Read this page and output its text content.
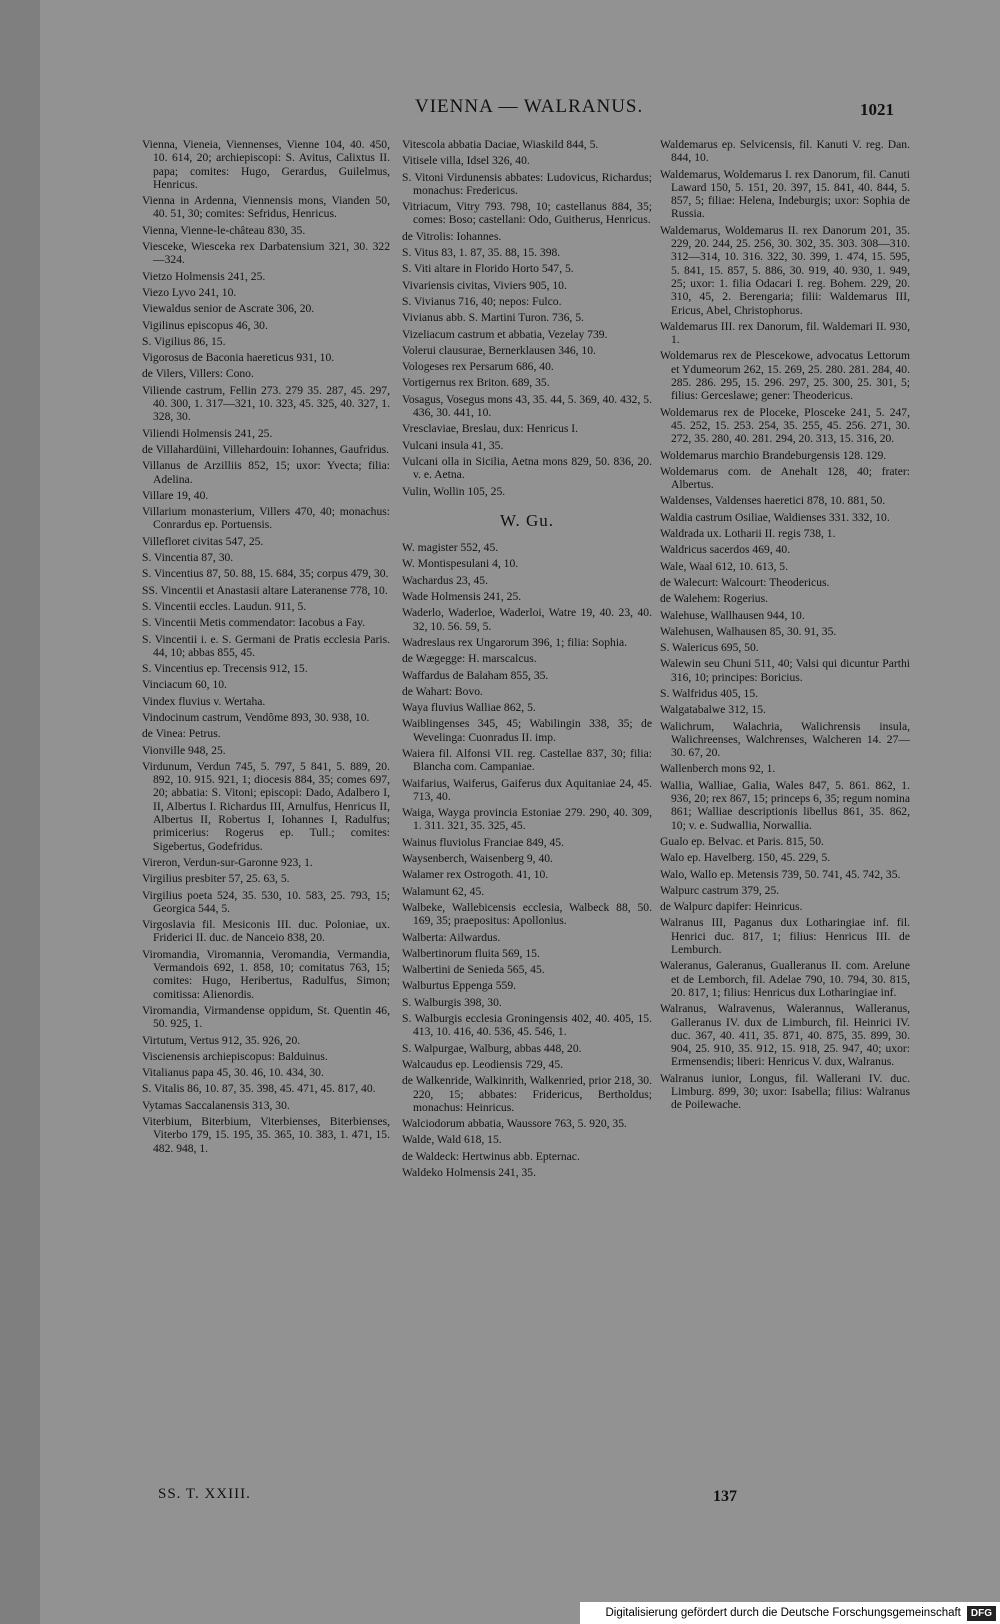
VIENNA — WALRANUS.	1021
Vienna, Vieneia, Viennenses, Vienne 104, 40. 450, 10. 614, 20; archiepiscopi: S. Avitus, Calixtus II. papa; comites: Hugo, Gerardus, Guilelmus, Henricus.
Vienna in Ardenna, Viennensis mons, Vianden 50, 40. 51, 30; comites: Sefridus, Henricus.
Vienna, Vienne-le-château 830, 35.
Viesceke, Wiesceka rex Darbatensium 321, 30. 322—324.
Vietzo Holmensis 241, 25.
Viezo Lyvo 241, 10.
Viewaldus senior de Ascrate 306, 20.
Vigilinus episcopus 46, 30.
S. Vigilius 86, 15.
Vigorosus de Baconia haereticus 931, 10.
de Vilers, Villers: Cono.
Viliende castrum, Fellin 273. 279 35. 287, 45. 297, 40. 300, 1. 317—321, 10. 323, 45. 325, 40. 327, 1. 328, 30.
Viliendi Holmensis 241, 25.
de Villahardüini, Villehardouin: Iohannes, Gaufridus.
Villanus de Arzilliis 852, 15; uxor: Yvecta; filia: Adelina.
Villare 19, 40.
Villarium monasterium, Villers 470, 40; monachus: Conrardus ep. Portuensis.
Villefloret civitas 547, 25.
S. Vincentia 87, 30.
S. Vincentius 87, 50. 88, 15. 684, 35; corpus 479, 30.
SS. Vincentii et Anastasii altare Lateranense 778, 10.
S. Vincentii eccles. Laudun. 911, 5.
S. Vincentii Metis commendator: Iacobus a Fay.
S. Vincentii i. e. S. Germani de Pratis ecclesia Paris. 44, 10; abbas 855, 45.
S. Vincentius ep. Trecensis 912, 15.
Vinciacum 60, 10.
Vindex fluvius v. Wertaha.
Vindocinum castrum, Vendôme 893, 30. 938, 10.
de Vinea: Petrus.
Vionville 948, 25.
Virdunum, Verdun 745, 5. 797, 5 841, 5. 889, 20. 892, 10. 915. 921, 1; diocesis 884, 35; comes 697, 20; abbatia: S. Vitoni; episcopi: Dado, Adalbero I, II, Albertus I. Richardus III, Arnulfus, Henricus II, Albertus II, Robertus I, Iohannes I, Radulfus; primicerius: Rogerus ep. Tull.; comites: Sigebertus, Godefridus.
Vireron, Verdun-sur-Garonne 923, 1.
Virgilius presbiter 57, 25. 63, 5.
Virgilius poeta 524, 35. 530, 10. 583, 25. 793, 15; Georgica 544, 5.
Virgoslavia fil. Mesiconis III. duc. Poloniae, ux. Friderici II. duc. de Nanceio 838, 20.
Viromandia, Viromannia, Veromandia, Vermandia, Vermandois 692, 1. 858, 10; comitatus 763, 15; comites: Hugo, Heribertus, Radulfus, Simon; comitissa: Alienordis.
Viromandia, Virmandense oppidum, St. Quentin 46, 50. 925, 1.
Virtutum, Vertus 912, 35. 926, 20.
Viscienensis archiepiscopus: Balduinus.
Vitalianus papa 45, 30. 46, 10. 434, 30.
S. Vitalis 86, 10. 87, 35. 398, 45. 471, 45. 817, 40.
Vytamas Saccalanensis 313, 30.
Viterbium, Biterbium, Viterbienses, Biterbienses, Viterbo 179, 15. 195, 35. 365, 10. 383, 1. 471, 15. 482. 948, 1.
Vitescola abbatia Daciae, Wiaskild 844, 5.
Vitisele villa, Idsel 326, 40.
S. Vitoni Virdunensis abbates: Ludovicus, Richardus; monachus: Fredericus.
Vitriacum, Vitry 793. 798, 10; castellanus 884, 35; comes: Boso; castellani: Odo, Guitherus, Henricus.
de Vitrolis: Iohannes.
S. Vitus 83, 1. 87, 35. 88, 15. 398.
S. Viti altare in Florido Horto 547, 5.
Vivariensis civitas, Viviers 905, 10.
S. Vivianus 716, 40; nepos: Fulco.
Vivianus abb. S. Martini Turon. 736, 5.
Vizeliacum castrum et abbatia, Vezelay 739.
Volerui clausurae, Bernerklausen 346, 10.
Vologeses rex Persarum 686, 40.
Vortigernus rex Briton. 689, 35.
Vosagus, Vosegus mons 43, 35. 44, 5. 369, 40. 432, 5. 436, 30. 441, 10.
Vresclaviae, Breslau, dux: Henricus I.
Vulcani insula 41, 35.
Vulcani olla in Sicilia, Aetna mons 829, 50. 836, 20. v. e. Aetna.
Vulin, Wollin 105, 25.
W. Gu.
W. magister 552, 45.
W. Montispesulani 4, 10.
Wachardus 23, 45.
Wade Holmensis 241, 25.
Waderlo, Waderloe, Waderloi, Watre 19, 40. 23, 40. 32, 10. 56. 59, 5.
Wadreslaus rex Ungarorum 396, 1; filia: Sophia.
de Wægegge: H. marscalcus.
Waffardus de Balaham 855, 35.
de Wahart: Bovo.
Waya fluvius Walliae 862, 5.
Waiblingenses 345, 45; Wabilingin 338, 35; de Wevelinga: Cuonradus II. imp.
Waiera fil. Alfonsi VII. reg. Castellae 837, 30; filia: Blancha com. Campaniae.
Waifarius, Waiferus, Gaiferus dux Aquitaniae 24, 45. 713, 40.
Waiga, Wayga provincia Estoniae 279. 290, 40. 309, 1. 311. 321, 35. 325, 45.
Wainus fluviolus Franciae 849, 45.
Waysenberch, Waisenberg 9, 40.
Walamer rex Ostrogoth. 41, 10.
Walamunt 62, 45.
Walbeke, Wallebicensis ecclesia, Walbeck 88, 50. 169, 35; praepositus: Apollonius.
Walberta: Ailwardus.
Walbertinorum fluita 569, 15.
Walbertini de Senieda 565, 45.
Walburtus Eppenga 559.
S. Walburgis 398, 30.
S. Walburgis ecclesia Groningensis 402, 40. 405, 15. 413, 10. 416, 40. 536, 45. 546, 1.
S. Walpurgae, Walburg, abbas 448, 20.
Walcaudus ep. Leodiensis 729, 45.
de Walkenride, Walkinrith, Walkenried, prior 218, 30. 220, 15; abbates: Fridericus, Bertholdus; monachus: Heinricus.
Walciodorum abbatia, Waussore 763, 5. 920, 35.
Walde, Wald 618, 15.
de Waldeck: Hertwinus abb. Epternac.
Waldeko Holmensis 241, 35.
Waldemarus ep. Selvicensis, fil. Kanuti V. reg. Dan. 844, 10.
Waldemarus, Woldemarus I. rex Danorum, fil. Canuti Laward 150, 5. 151, 20. 397, 15. 841, 40. 844, 5. 857, 5; filiae: Helena, Indeburgis; uxor: Sophia de Russia.
Waldemarus, Woldemarus II. rex Danorum 201, 35. 229, 20. 244, 25. 256, 30. 302, 35. 303. 308—310. 312—314, 10. 316. 322, 30. 399, 1. 474, 15. 595, 5. 841, 15. 857, 5. 886, 30. 919, 40. 930, 1. 949, 25; uxor: 1. filia Odacari I. reg. Bohem. 229, 20. 310, 45, 2. Berengaria; filii: Waldemarus III, Ericus, Abel, Christophorus.
Waldemarus III. rex Danorum, fil. Waldemari II. 930, 1.
Woldemarus rex de Plescekowe, advocatus Lettorum et Ydumeorum 262, 15. 269, 25. 280. 281. 284, 40. 285. 286. 295, 15. 296. 297, 25. 300, 25. 301, 5; filius: Gerceslawe; gener: Theodericus.
Woldemarus rex de Ploceke, Plosceke 241, 5. 247, 45. 252, 15. 253. 254, 35. 255, 45. 256. 271, 30. 272, 35. 280, 40. 281. 294, 20. 313, 15. 316, 20.
Woldemarus marchio Brandeburgensis 128. 129.
Woldemarus com. de Anehalt 128, 40; frater: Albertus.
Waldenses, Valdenses haeretici 878, 10. 881, 50.
Waldia castrum Osiliae, Waldienses 331. 332, 10.
Waldrada ux. Lotharii II. regis 738, 1.
Waldricus sacerdos 469, 40.
Wale, Waal 612, 10. 613, 5.
de Walecurt: Walcourt: Theodericus.
de Walehem: Rogerius.
Walehuse, Wallhausen 944, 10.
Walehusen, Walhausen 85, 30. 91, 35.
S. Walericus 695, 50.
Walewin seu Chuni 511, 40; Valsi qui dicuntur Parthi 316, 10; principes: Boricius.
S. Walfridus 405, 15.
Walgatabalwe 312, 15.
Walichrum, Walachria, Walichrensis insula, Walichreenses, Walchrenses, Walcheren 14. 27—30. 67, 20.
Wallenberch mons 92, 1.
Wallia, Walliae, Galia, Wales 847, 5. 861. 862, 1. 936, 20; rex 867, 15; princeps 6, 35; regum nomina 861; Walliae descriptionis libellus 861, 35. 862, 10; v. e. Sudwallia, Norwallia.
Gualo ep. Belvac. et Paris. 815, 50.
Walo ep. Havelberg. 150, 45. 229, 5.
Walo, Wallo ep. Metensis 739, 50. 741, 45. 742, 35.
Walpurc castrum 379, 25.
de Walpurc dapifer: Heinricus.
Walranus III, Paganus dux Lotharingiae inf. fil. Henrici duc. 817, 1; filius: Henricus III. de Lemburch.
Waleranus, Galeranus, Gualleranus II. com. Arelune et de Lemborch, fil. Adelae 790, 10. 794, 30. 815, 20. 817, 1; filius: Henricus dux Lotharingiae inf.
Walranus, Walravenus, Walerannus, Walleranus, Galleranus IV. dux de Limburch, fil. Heinrici IV. duc. 367, 40. 411, 35. 871, 40. 875, 35. 899, 30. 904, 25. 910, 35. 912, 15. 918, 25. 947, 40; uxor: Ermensendis; liberi: Henricus V. dux, Walranus.
Walranus iunior, Longus, fil. Wallerani IV. duc. Limburg. 899, 30; uxor: Isabella; filius: Walranus de Poilewache.
SS. T. XXIII.	137
Digitalisierung gefördert durch die Deutsche Forschungsgemeinschaft	DFG
